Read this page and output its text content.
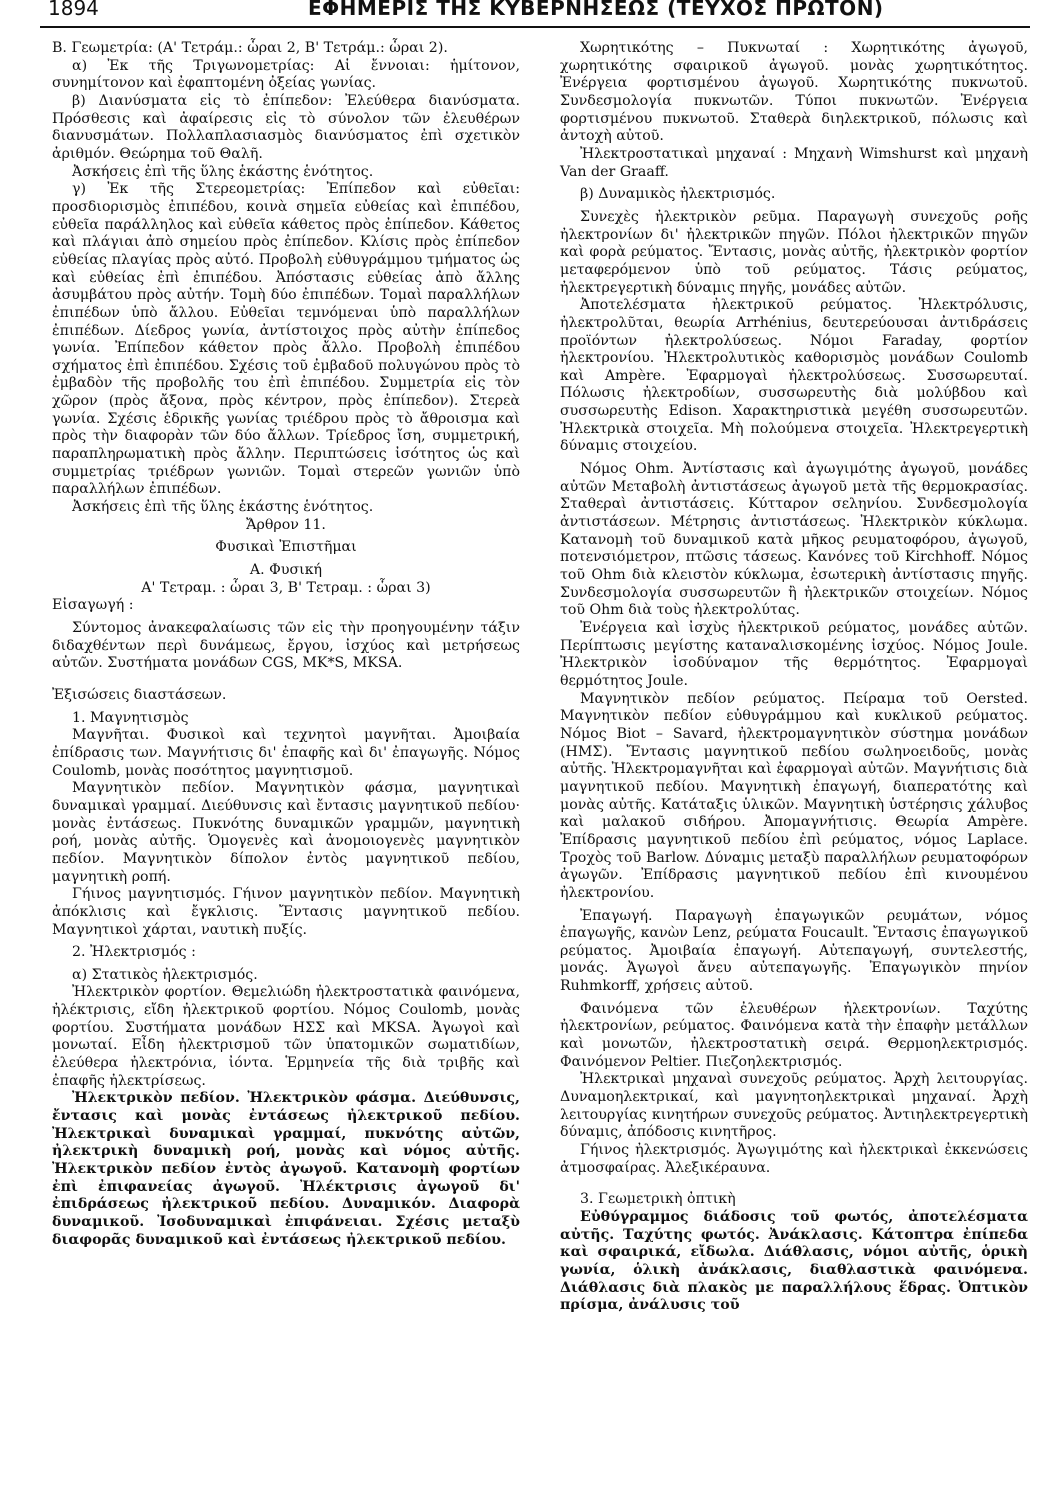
1894	ΕΦΗΜΕΡΙΣ ΤΗΣ ΚΥΒΕΡΝΗΣΕΩΣ (ΤΕΥΧΟΣ ΠΡΩΤΟΝ)

Β. Γεωμετρία: (Α' Τετράμ.: ὧραι 2, Β' Τετράμ.: ὧραι 2).

α) Ἐκ τῆς Τριγωνομετρίας: Αἱ ἔννοιαι: ἡμίτονον, συνημίτονον καὶ ἐφαπτομένη ὀξείας γωνίας.

β) Διανύσματα εἰς τὸ ἐπίπεδον: Ἐλεύθερα διανύσματα. Πρόσθεσις καὶ ἀφαίρεσις εἰς τὸ σύνολον τῶν ἐλευθέρων διανυσμάτων. Πολλαπλασιασμὸς διανύσματος ἐπὶ σχετικὸν ἀριθμόν. Θεώρημα τοῦ Θαλῆ.

Ἀσκήσεις ἐπὶ τῆς ὕλης ἑκάστης ἑνότητος.

γ) Ἐκ τῆς Στερεομετρίας: Ἐπίπεδον καὶ εὐθεῖαι: προσδιορισμὸς ἐπιπέδου, κοινὰ σημεῖα εὐθείας καὶ ἐπιπέδου, εὐθεῖα παράλληλος καὶ εὐθεῖα κάθετος πρὸς ἐπίπεδον. Κάθετος καὶ πλάγιαι ἀπὸ σημείου πρὸς ἐπίπεδον. Κλίσις πρὸς ἐπίπεδον εὐθείας πλαγίας πρὸς αὐτό. Προβολὴ εὐθυγράμμου τμήματος ὡς καὶ εὐθείας ἐπὶ ἐπιπέδου. Ἀπόστασις εὐθείας ἀπὸ ἄλλης ἀσυμβάτου πρὸς αὐτήν. Τομὴ δύο ἐπιπέδων. Τομαὶ παραλλήλων ἐπιπέδων ὑπὸ ἄλλου. Εὐθεῖαι τεμνόμεναι ὑπὸ παραλλήλων ἐπιπέδων. Δίεδρος γωνία, ἀντίστοιχος πρὸς αὐτὴν ἐπίπεδος γωνία. Ἐπίπεδον κάθετον πρὸς ἄλλο. Προβολὴ ἐπιπέδου σχήματος ἐπὶ ἐπιπέδου. Σχέσις τοῦ ἐμβαδοῦ πολυγώνου πρὸς τὸ ἐμβαδὸν τῆς προβολῆς του ἐπὶ ἐπιπέδου. Συμμετρία εἰς τὸν χῶρον (πρὸς ἄξονα, πρὸς κέντρον, πρὸς ἐπίπεδον). Στερεὰ γωνία. Σχέσις ἑδρικῆς γωνίας τριέδρου πρὸς τὸ ἄθροισμα καὶ πρὸς τὴν διαφορὰν τῶν δύο ἄλλων. Τρίεδρος ἴση, συμμετρική, παραπληρωματικὴ πρὸς ἄλλην. Περιπτώσεις ἰσότητος ὡς καὶ συμμετρίας τριέδρων γωνιῶν. Τομαὶ στερεῶν γωνιῶν ὑπὸ παραλλήλων ἐπιπέδων.

Ἀσκήσεις ἐπὶ τῆς ὕλης ἑκάστης ἑνότητος.

Ἄρθρον 11.

Φυσικαὶ Ἐπιστῆμαι

Α. Φυσική

Α' Τετραμ. : ὧραι 3, Β' Τετραμ. : ὧραι 3)

Εἰσαγωγή :

Σύντομος ἀνακεφαλαίωσις τῶν εἰς τὴν προηγουμένην τάξιν διδαχθέντων περὶ δυνάμεως, ἔργου, ἰσχύος καὶ μετρήσεως αὐτῶν. Συστήματα μονάδων CGS, MK*S, MKSA.

Ἐξισώσεις διαστάσεων.

1. Μαγνητισμὸς

Μαγνῆται. Φυσικοὶ καὶ τεχνητοὶ μαγνῆται. Ἀμοιβαία ἐπίδρασις των. Μαγνήτισις δι' ἐπαφῆς καὶ δι' ἐπαγωγῆς. Νόμος Coulomb, μονὰς ποσότητος μαγνητισμοῦ.

Μαγνητικὸν πεδίον. Μαγνητικὸν φάσμα, μαγνητικαὶ δυναμικαὶ γραμμαί. Διεύθυνσις καὶ ἔντασις μαγνητικοῦ πεδίου· μονὰς ἐντάσεως. Πυκνότης δυναμικῶν γραμμῶν, μαγνητικὴ ροή, μονὰς αὐτῆς. Ὁμογενὲς καὶ ἀνομοιογενὲς μαγνητικὸν πεδίον. Μαγνητικὸν δίπολον ἐντὸς μαγνητικοῦ πεδίου, μαγνητικὴ ροπή.

Γήινος μαγνητισμός. Γήινον μαγνητικὸν πεδίον. Μαγνητικὴ ἀπόκλισις καὶ ἔγκλισις. Ἔντασις μαγνητικοῦ πεδίου. Μαγνητικοὶ χάρται, ναυτικὴ πυξίς.

2. Ἠλεκτρισμός :

α) Στατικὸς ἠλεκτρισμός.

Ἠλεκτρικὸν φορτίον. Θεμελιώδη ἠλεκτροστατικὰ φαινόμενα, ἠλέκτρισις, εἴδη ἠλεκτρικοῦ φορτίου. Νόμος Coulomb, μονὰς φορτίου. Συστήματα μονάδων ΗΣΣ καὶ MKSA. Ἀγωγοὶ καὶ μονωταί. Εἶδη ἠλεκτρισμοῦ τῶν ὑπατομικῶν σωματιδίων, ἐλεύθερα ἠλεκτρόνια, ἰόντα. Ἑρμηνεία τῆς διὰ τριβῆς καὶ ἐπαφῆς ἠλεκτρίσεως.

Ἠλεκτρικὸν πεδίον. Ἠλεκτρικὸν φάσμα. Διεύθυνσις, ἔντασις καὶ μονὰς ἐντάσεως ἠλεκτρικοῦ πεδίου. Ἠλεκτρικαὶ δυναμικαὶ γραμμαί, πυκνότης αὐτῶν, ἠλεκτρικὴ δυναμικὴ ροή, μονὰς καὶ νόμος αὐτῆς. Ἠλεκτρικὸν πεδίον ἐντὸς ἀγωγοῦ. Κατανομὴ φορτίων ἐπὶ ἐπιφανείας ἀγωγοῦ. Ἠλέκτρισις ἀγωγοῦ δι' ἐπιδράσεως ἠλεκτρικοῦ πεδίου. Δυναμικόν. Διαφορὰ δυναμικοῦ. Ἰσοδυναμικαὶ ἐπιφάνειαι. Σχέσις μεταξὺ διαφορᾶς δυναμικοῦ καὶ ἐντάσεως ἠλεκτρικοῦ πεδίου.

Χωρητικότης – Πυκνωταί : Χωρητικότης ἀγωγοῦ, χωρητικότης σφαιρικοῦ ἀγωγοῦ. μονὰς χωρητικότητος. Ἐνέργεια φορτισμένου ἀγωγοῦ. Χωρητικότης πυκνωτοῦ. Συνδεσμολογία πυκνωτῶν. Τύποι πυκνωτῶν. Ἐνέργεια φορτισμένου πυκνωτοῦ. Σταθερὰ διηλεκτρικοῦ, πόλωσις καὶ ἀντοχὴ αὐτοῦ.

Ἠλεκτροστατικαὶ μηχαναί : Μηχανὴ Wimshurst καὶ μηχανὴ Van der Graaff.

β) Δυναμικὸς ἠλεκτρισμός.

Συνεχὲς ἠλεκτρικὸν ρεῦμα. Παραγωγὴ συνεχοῦς ροῆς ἠλεκτρονίων δι' ἠλεκτρικῶν πηγῶν. Πόλοι ἠλεκτρικῶν πηγῶν καὶ φορὰ ρεύματος. Ἔντασις, μονὰς αὐτῆς, ἠλεκτρικὸν φορτίον μεταφερόμενον ὑπὸ τοῦ ρεύματος. Τάσις ρεύματος, ἠλεκτρεγερτικὴ δύναμις πηγῆς, μονάδες αὐτῶν.

Ἀποτελέσματα ἠλεκτρικοῦ ρεύματος. Ἠλεκτρόλυσις, ἠλεκτρολῦται, θεωρία Arrhénius, δευτερεύουσαι ἀντιδράσεις προϊόντων ἠλεκτρολύσεως. Νόμοι Faraday, φορτίον ἠλεκτρονίου. Ἠλεκτρολυτικὸς καθορισμὸς μονάδων Coulomb καὶ Ampère. Ἐφαρμογαὶ ἠλεκτρολύσεως. Συσσωρευταί. Πόλωσις ἠλεκτροδίων, συσσωρευτὴς διὰ μολύβδου καὶ συσσωρευτὴς Edison. Χαρακτηριστικὰ μεγέθη συσσωρευτῶν. Ἠλεκτρικὰ στοιχεῖα. Μὴ πολούμενα στοιχεῖα. Ἠλεκτρεγερτικὴ δύναμις στοιχείου.

Νόμος Ohm. Ἀντίστασις καὶ ἀγωγιμότης ἀγωγοῦ, μονάδες αὐτῶν Μεταβολὴ ἀντιστάσεως ἀγωγοῦ μετὰ τῆς θερμοκρασίας. Σταθεραὶ ἀντιστάσεις. Κύτταρον σεληνίου. Συνδεσμολογία ἀντιστάσεων. Μέτρησις ἀντιστάσεως. Ἠλεκτρικὸν κύκλωμα. Κατανομὴ τοῦ δυναμικοῦ κατὰ μῆκος ρευματοφόρου, ἀγωγοῦ, ποτενσιόμετρον, πτῶσις τάσεως. Κανόνες τοῦ Kirchhoff. Νόμος τοῦ Ohm διὰ κλειστὸν κύκλωμα, ἐσωτερικὴ ἀντίστασις πηγῆς. Συνδεσμολογία συσσωρευτῶν ἢ ἠλεκτρικῶν στοιχείων. Νόμος τοῦ Ohm διὰ τοὺς ἠλεκτρολύτας.

Ἐνέργεια καὶ ἰσχὺς ἠλεκτρικοῦ ρεύματος, μονάδες αὐτῶν. Περίπτωσις μεγίστης καταναλισκομένης ἰσχύος. Νόμος Joule. Ἠλεκτρικὸν ἰσοδύναμον τῆς θερμότητος. Ἐφαρμογαὶ θερμότητος Joule.

Μαγνητικὸν πεδίον ρεύματος. Πείραμα τοῦ Oersted. Μαγνητικὸν πεδίον εὐθυγράμμου καὶ κυκλικοῦ ρεύματος. Νόμος Biot – Savard, ἠλεκτρομαγνητικὸν σύστημα μονάδων (ΗΜΣ). Ἔντασις μαγνητικοῦ πεδίου σωληνοειδοῦς, μονὰς αὐτῆς. Ἠλεκτρομαγνῆται καὶ ἐφαρμογαὶ αὐτῶν. Μαγνήτισις διὰ μαγνητικοῦ πεδίου. Μαγνητικὴ ἐπαγωγή, διαπερατότης καὶ μονὰς αὐτῆς. Κατάταξις ὑλικῶν. Μαγνητικὴ ὑστέρησις χάλυβος καὶ μαλακοῦ σιδήρου. Ἀπομαγνήτισις. Θεωρία Ampère. Ἐπίδρασις μαγνητικοῦ πεδίου ἐπὶ ρεύματος, νόμος Laplace. Τροχὸς τοῦ Barlow. Δύναμις μεταξὺ παραλλήλων ρευματοφόρων ἀγωγῶν. Ἐπίδρασις μαγνητικοῦ πεδίου ἐπὶ κινουμένου ἠλεκτρονίου.

Ἐπαγωγή. Παραγωγὴ ἐπαγωγικῶν ρευμάτων, νόμος ἐπαγωγῆς, κανὼν Lenz, ρεύματα Foucault. Ἔντασις ἐπαγωγικοῦ ρεύματος. Ἀμοιβαία ἐπαγωγή. Αὐτεπαγωγή, συντελεστής, μονάς. Ἀγωγοὶ ἄνευ αὐτεπαγωγῆς. Ἐπαγωγικὸν πηνίον Ruhmkorff, χρήσεις αὐτοῦ.

Φαινόμενα τῶν ἐλευθέρων ἠλεκτρονίων. Ταχύτης ἠλεκτρονίων, ρεύματος. Φαινόμενα κατὰ τὴν ἐπαφὴν μετάλλων καὶ μονωτῶν, ἠλεκτροστατικὴ σειρά. Θερμοηλεκτρισμός. Φαινόμενον Peltier. Πιεζοηλεκτρισμός.

Ἠλεκτρικαὶ μηχαναὶ συνεχοῦς ρεύματος. Ἀρχὴ λειτουργίας. Δυναμοηλεκτρικαί, καὶ μαγνητοηλεκτρικαὶ μηχαναί. Ἀρχὴ λειτουργίας κινητήρων συνεχοῦς ρεύματος. Ἀντιηλεκτρεγερτικὴ δύναμις, ἀπόδοσις κινητῆρος.

Γήινος ἠλεκτρισμός. Ἀγωγιμότης καὶ ἠλεκτρικαὶ ἐκκενώσεις ἀτμοσφαίρας. Ἀλεξικέραυνα.

3. Γεωμετρικὴ ὀπτικὴ

Εὐθύγραμμος διάδοσις τοῦ φωτός, ἀποτελέσματα αὐτῆς. Ταχύτης φωτός. Ἀνάκλασις. Κάτοπτρα ἐπίπεδα καὶ σφαιρικά, εἴδωλα. Διάθλασις, νόμοι αὐτῆς, ὁρικὴ γωνία, ὁλικὴ ἀνάκλασις, διαθλαστικὰ φαινόμενα. Διάθλασις διὰ πλακὸς με παραλλήλους ἕδρας. Ὀπτικὸν πρίσμα, ἀνάλυσις τοῦ
